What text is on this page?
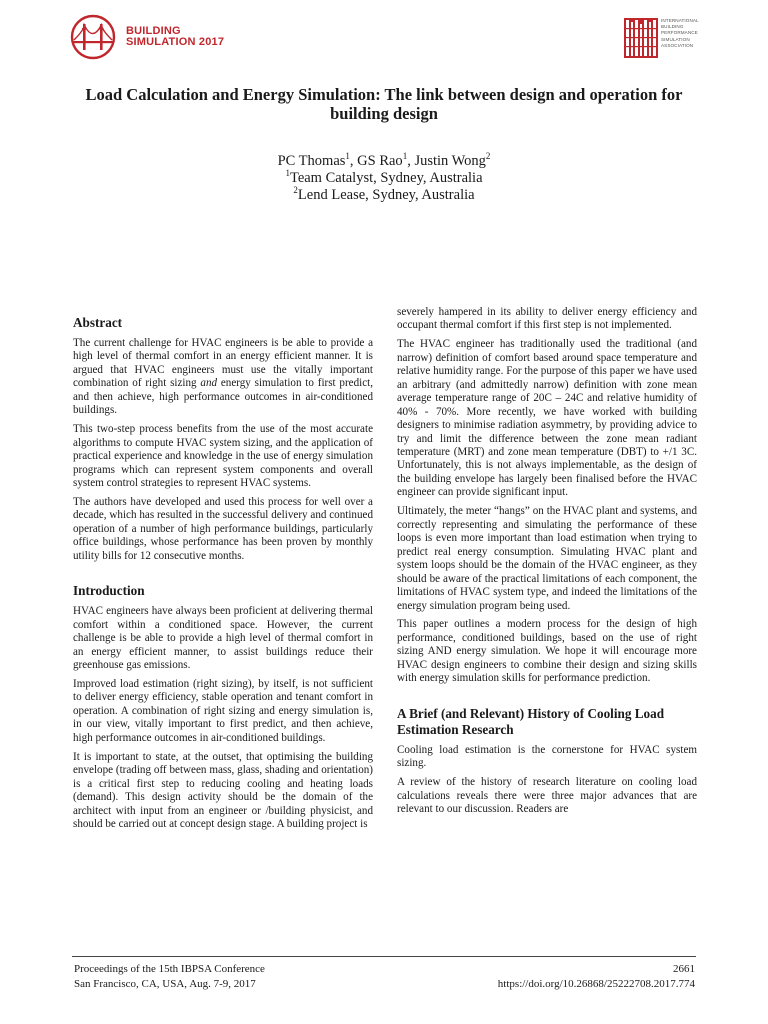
BUILDING
SIMULATION 2017
INTERNATIONAL
BUILDING
PERFORMANCE
SIMULATION
ASSOCIATION
Load Calculation and Energy Simulation: The link between design and operation for building design
PC Thomas$^1$, GS Rao$^1$, Justin Wong$^2$
$^1$Team Catalyst, Sydney, Australia
$^2$Lend Lease, Sydney, Australia
Abstract

The current challenge for HVAC engineers is be able to provide a high level of thermal comfort in an energy efficient manner. It is argued that HVAC engineers must use the vitally important combination of right sizing and energy simulation to first predict, and then achieve, high performance outcomes in air-conditioned buildings.

This two-step process benefits from the use of the most accurate algorithms to compute HVAC system sizing, and the application of practical experience and knowledge in the use of energy simulation programs which can represent system components and overall system control strategies to represent HVAC systems.

The authors have developed and used this process for well over a decade, which has resulted in the successful delivery and continued operation of a number of high performance buildings, particularly office buildings, whose performance has been proven by monthly utility bills for 12 consecutive months.

Introduction

HVAC engineers have always been proficient at delivering thermal comfort within a conditioned space. However, the current challenge is be able to provide a high level of thermal comfort in an energy efficient manner, to assist buildings reduce their greenhouse gas emissions.

Improved load estimation (right sizing), by itself, is not sufficient to deliver energy efficiency, stable operation and tenant comfort in operation. A combination of right sizing and energy simulation is, in our view, vitally important to first predict, and then achieve, high performance outcomes in air-conditioned buildings.

It is important to state, at the outset, that optimising the building envelope (trading off between mass, glass, shading and orientation) is a critical first step to reducing cooling and heating loads (demand). This design activity should be the domain of the architect with input from an engineer or /building physicist, and should be carried out at concept design stage. A building project is

severely hampered in its ability to deliver energy efficiency and occupant thermal comfort if this first step is not implemented.

The HVAC engineer has traditionally used the traditional (and narrow) definition of comfort based around space temperature and relative humidity range. For the purpose of this paper we have used an arbitrary (and admittedly narrow) definition with zone mean average temperature range of 20C – 24C and relative humidity of 40% - 70%. More recently, we have worked with building designers to minimise radiation asymmetry, by providing advice to try and limit the difference between the zone mean radiant temperature (MRT) and zone mean temperature (DBT) to +/1 3C. Unfortunately, this is not always implementable, as the design of the building envelope has largely been finalised before the HVAC engineer can provide significant input.

Ultimately, the meter “hangs” on the HVAC plant and systems, and correctly representing and simulating the performance of these loops is even more important than load estimation when trying to predict real energy consumption. Simulating HVAC plant and system loops should be the domain of the HVAC engineer, as they should be aware of the practical limitations of each component, the limitations of HVAC system type, and indeed the limitations of the energy simulation program being used.

This paper outlines a modern process for the design of high performance, conditioned buildings, based on the use of right sizing AND energy simulation. We hope it will encourage more HVAC design engineers to combine their design and sizing skills with energy simulation skills for performance prediction.

A Brief (and Relevant) History of Cooling Load Estimation Research

Cooling load estimation is the cornerstone for HVAC system sizing.

A review of the history of research literature on cooling load calculations reveals there were three major advances that are relevant to our discussion. Readers are

Proceedings of the 15th IBPSA Conference
San Francisco, CA, USA, Aug. 7-9, 2017
2661
https://doi.org/10.26868/25222708.2017.774
